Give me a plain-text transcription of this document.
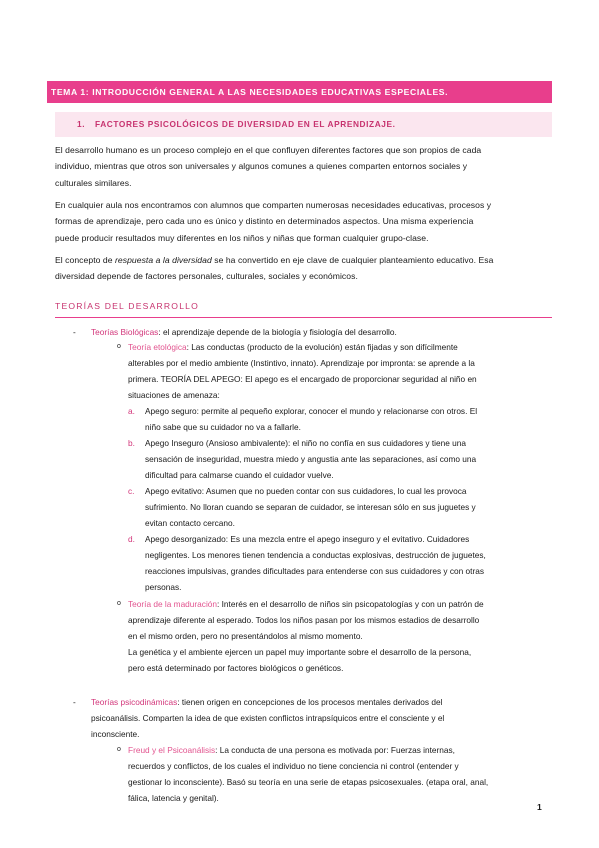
TEMA 1: INTRODUCCIÓN GENERAL A LAS NECESIDADES EDUCATIVAS ESPECIALES.
1. FACTORES PSICOLÓGICOS DE DIVERSIDAD EN EL APRENDIZAJE.
El desarrollo humano es un proceso complejo en el que confluyen diferentes factores que son propios de cada
individuo, mientras que otros son universales y algunos comunes a quienes comparten entornos sociales y
culturales similares.
En cualquier aula nos encontramos con alumnos que comparten numerosas necesidades educativas, procesos y
formas de aprendizaje, pero cada uno es único y distinto en determinados aspectos. Una misma experiencia
puede producir resultados muy diferentes en los niños y niñas que forman cualquier grupo-clase.
El concepto de respuesta a la diversidad se ha convertido en eje clave de cualquier planteamiento educativo. Esa
diversidad depende de factores personales, culturales, sociales y económicos.
TEORÍAS DEL DESARROLLO
- Teorías Biológicas: el aprendizaje depende de la biología y fisiología del desarrollo.
o Teoría etológica: Las conductas (producto de la evolución) están fijadas y son difícilmente
alterables por el medio ambiente (Instintivo, innato). Aprendizaje por impronta: se aprende a la
primera. TEORÍA DEL APEGO: El apego es el encargado de proporcionar seguridad al niño en
situaciones de amenaza:
a. Apego seguro: permite al pequeño explorar, conocer el mundo y relacionarse con otros. El
niño sabe que su cuidador no va a fallarle.
b. Apego Inseguro (Ansioso ambivalente): el niño no confía en sus cuidadores y tiene una
sensación de inseguridad, muestra miedo y angustia ante las separaciones, así como una
dificultad para calmarse cuando el cuidador vuelve.
c. Apego evitativo: Asumen que no pueden contar con sus cuidadores, lo cual les provoca
sufrimiento. No lloran cuando se separan de cuidador, se interesan sólo en sus juguetes y
evitan contacto cercano.
d. Apego desorganizado: Es una mezcla entre el apego inseguro y el evitativo. Cuidadores
negligentes. Los menores tienen tendencia a conductas explosivas, destrucción de juguetes,
reacciones impulsivas, grandes dificultades para entenderse con sus cuidadores y con otras
personas.
o Teoría de la maduración: Interés en el desarrollo de niños sin psicopatologías y con un patrón de
aprendizaje diferente al esperado. Todos los niños pasan por los mismos estadios de desarrollo
en el mismo orden, pero no presentándolos al mismo momento.
La genética y el ambiente ejercen un papel muy importante sobre el desarrollo de la persona,
pero está determinado por factores biológicos o genéticos.
- Teorías psicodinámicas: tienen origen en concepciones de los procesos mentales derivados del
psicoanálisis. Comparten la idea de que existen conflictos intrapsíquicos entre el consciente y el
inconsciente.
o Freud y el Psicoanálisis: La conducta de una persona es motivada por: Fuerzas internas,
recuerdos y conflictos, de los cuales el individuo no tiene conciencia ni control (entender y
gestionar lo inconsciente). Basó su teoría en una serie de etapas psicosexuales. (etapa oral, anal,
fálica, latencia y genital).
1
